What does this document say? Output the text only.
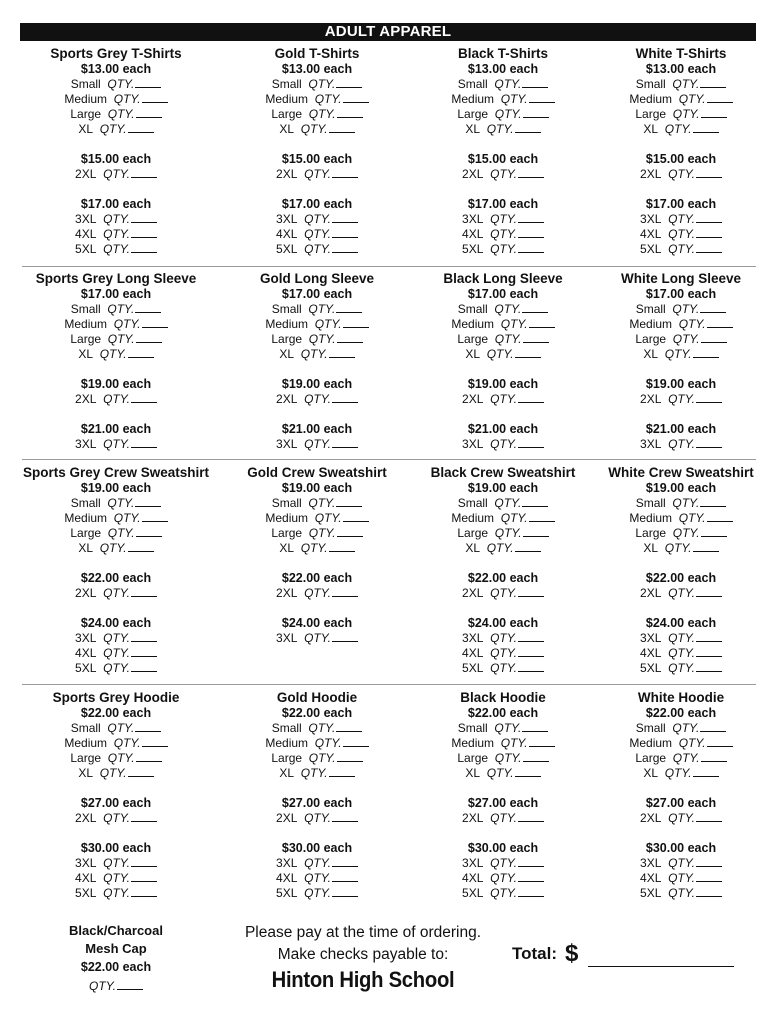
ADULT APPAREL
Sports Grey T-Shirts
$13.00 each
Small QTY.
Medium QTY.
Large QTY.
XL QTY.
$15.00 each
2XL QTY.
$17.00 each
3XL QTY.
4XL QTY.
5XL QTY.
Gold T-Shirts
$13.00 each
Small QTY.
Medium QTY.
Large QTY.
XL QTY.
$15.00 each
2XL QTY.
$17.00 each
3XL QTY.
4XL QTY.
5XL QTY.
Black T-Shirts
$13.00 each
Small QTY.
Medium QTY.
Large QTY.
XL QTY.
$15.00 each
2XL QTY.
$17.00 each
3XL QTY.
4XL QTY.
5XL QTY.
White T-Shirts
$13.00 each
Small QTY.
Medium QTY.
Large QTY.
XL QTY.
$15.00 each
2XL QTY.
$17.00 each
3XL QTY.
4XL QTY.
5XL QTY.
Sports Grey Long Sleeve
$17.00 each
Small QTY.
Medium QTY.
Large QTY.
XL QTY.
$19.00 each
2XL QTY.
$21.00 each
3XL QTY.
Gold Long Sleeve
$17.00 each
Small QTY.
Medium QTY.
Large QTY.
XL QTY.
$19.00 each
2XL QTY.
$21.00 each
3XL QTY.
Black Long Sleeve
$17.00 each
Small QTY.
Medium QTY.
Large QTY.
XL QTY.
$19.00 each
2XL QTY.
$21.00 each
3XL QTY.
White Long Sleeve
$17.00 each
Small QTY.
Medium QTY.
Large QTY.
XL QTY.
$19.00 each
2XL QTY.
$21.00 each
3XL QTY.
Sports Grey Crew Sweatshirt
$19.00 each
Small QTY.
Medium QTY.
Large QTY.
XL QTY.
$22.00 each
2XL QTY.
$24.00 each
3XL QTY.
4XL QTY.
5XL QTY.
Gold Crew Sweatshirt
$19.00 each
Small QTY.
Medium QTY.
Large QTY.
XL QTY.
$22.00 each
2XL QTY.
$24.00 each
3XL QTY.
Black Crew Sweatshirt
$19.00 each
Small QTY.
Medium QTY.
Large QTY.
XL QTY.
$22.00 each
2XL QTY.
$24.00 each
3XL QTY.
4XL QTY.
5XL QTY.
White Crew Sweatshirt
$19.00 each
Small QTY.
Medium QTY.
Large QTY.
XL QTY.
$22.00 each
2XL QTY.
$24.00 each
3XL QTY.
4XL QTY.
5XL QTY.
Sports Grey Hoodie
$22.00 each
Small QTY.
Medium QTY.
Large QTY.
XL QTY.
$27.00 each
2XL QTY.
$30.00 each
3XL QTY.
4XL QTY.
5XL QTY.
Gold Hoodie
$22.00 each
Small QTY.
Medium QTY.
Large QTY.
XL QTY.
$27.00 each
2XL QTY.
$30.00 each
3XL QTY.
4XL QTY.
5XL QTY.
Black Hoodie
$22.00 each
Small QTY.
Medium QTY.
Large QTY.
XL QTY.
$27.00 each
2XL QTY.
$30.00 each
3XL QTY.
4XL QTY.
5XL QTY.
White Hoodie
$22.00 each
Small QTY.
Medium QTY.
Large QTY.
XL QTY.
$27.00 each
2XL QTY.
$30.00 each
3XL QTY.
4XL QTY.
5XL QTY.
Black/Charcoal
Mesh Cap
$22.00 each
QTY.
Please pay at the time of ordering.
Make checks payable to:
Hinton High School
Total: $
